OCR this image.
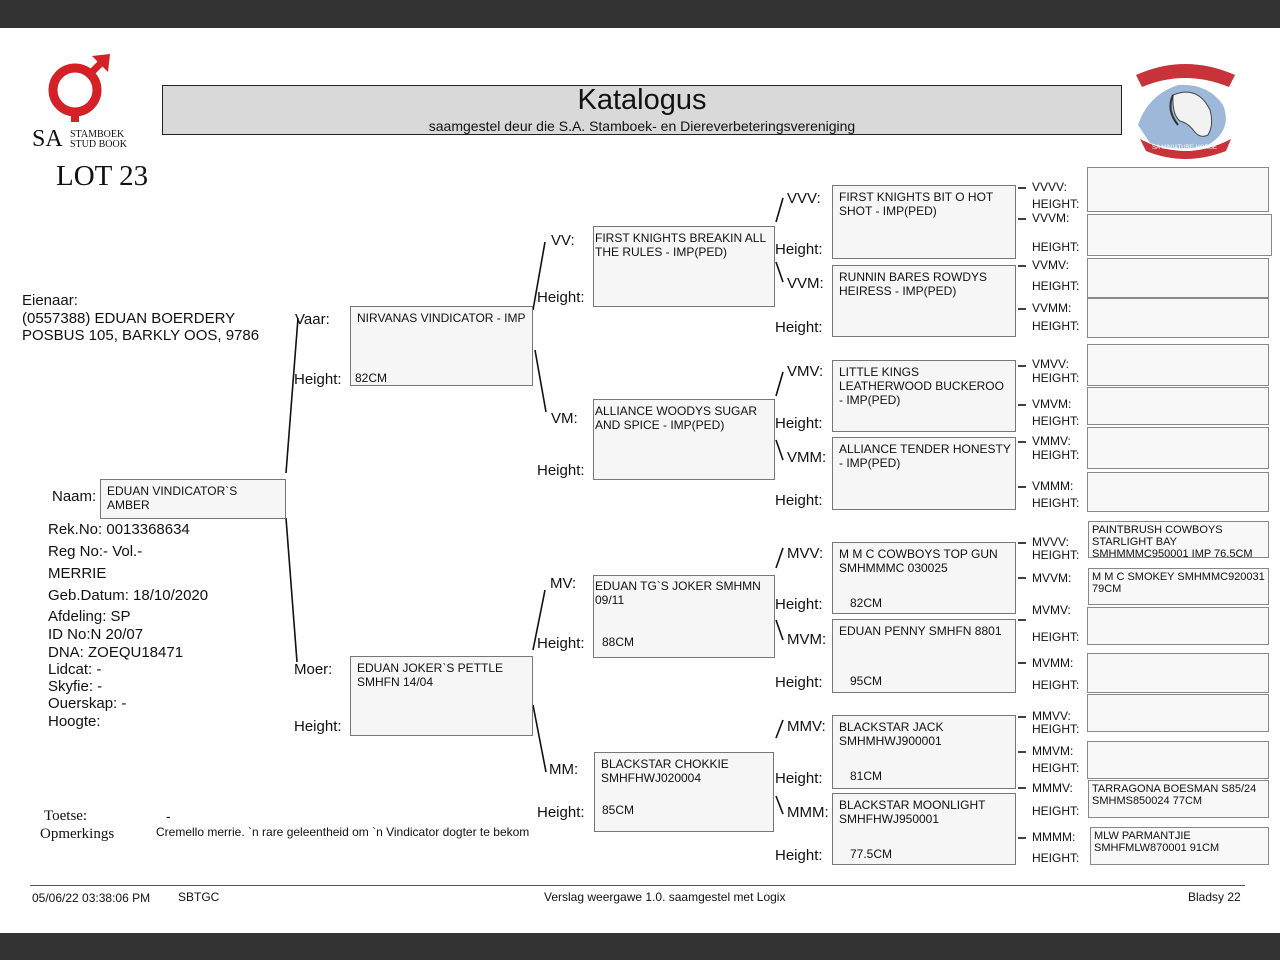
SA STAMBOEK
STUD BOOK
Katalogus
saamgestel deur die S.A. Stamboek- en Diereverbeteringsvereniging
SA MINIATUUR PERD
SA MINIATURE HORSE
LOT 23
Eienaar:
(0557388) EDUAN BOERDERY
POSBUS 105, BARKLY OOS, 9786
Naam: EDUAN VINDICATOR`S AMBER
Rek.No: 0013368634
Reg No:- Vol.-
MERRIE
Geb.Datum: 18/10/2020
Afdeling: SP
ID No:N 20/07
DNA: ZOEQU18471
Lidcat: -
Skyfie: -
Ouerskap: -
Hoogte:
Vaar:
Height:
NIRVANAS VINDICATOR - IMP
82CM
Moer:
Height:
EDUAN JOKER`S PETTLE SMHFN 14/04
VV:
Height:
FIRST KNIGHTS BREAKIN ALL THE RULES - IMP(PED)
VM:
Height:
ALLIANCE WOODYS SUGAR AND SPICE - IMP(PED)
MV:
Height:
EDUAN TG`S JOKER SMHMN 09/11
88CM
MM:
Height:
BLACKSTAR CHOKKIE SMHFHWJ020004
85CM
VVV:
Height:
FIRST KNIGHTS BIT O HOT SHOT - IMP(PED)
VVM:
Height:
RUNNIN BARES ROWDYS HEIRESS - IMP(PED)
VMV:
Height:
LITTLE KINGS LEATHERWOOD BUCKEROO - IMP(PED)
VMM:
Height:
ALLIANCE TENDER HONESTY - IMP(PED)
MVV:
Height:
M M C COWBOYS TOP GUN SMHMMMC 030025
82CM
MVM:
Height:
EDUAN PENNY SMHFN 8801
95CM
MMV:
Height:
BLACKSTAR JACK SMHMHWJ900001
81CM
MMM:
Height:
BLACKSTAR MOONLIGHT SMHFHWJ950001
77.5CM
VVVV:
HEIGHT:
VVVM:
HEIGHT:
VVMV:
HEIGHT:
VVMM:
HEIGHT:
VMVV:
HEIGHT:
VMVM:
HEIGHT:
VMMV:
HEIGHT:
VMMM:
HEIGHT:
MVVV:
HEIGHT:
MVVM:
MVMV:
HEIGHT:
MVMM:
HEIGHT:
MMVV:
HEIGHT:
MMVM:
HEIGHT:
MMMV:
HEIGHT:
MMMM:
HEIGHT:
PAINTBRUSH COWBOYS STARLIGHT BAY SMHMMMC950001 IMP 76.5CM
M M C SMOKEY SMHMMC920031 79CM
TARRAGONA BOESMAN S85/24 SMHMS850024 77CM
MLW PARMANTJIE SMHFMLW870001 91CM
Toetse:	-
Opmerkings	Cremello merrie. `n rare geleentheid om `n Vindicator dogter te bekom
05/06/22 03:38:06 PM SBTGC	Verslag weergawe 1.0. saamgestel met Logix	Bladsy 22
